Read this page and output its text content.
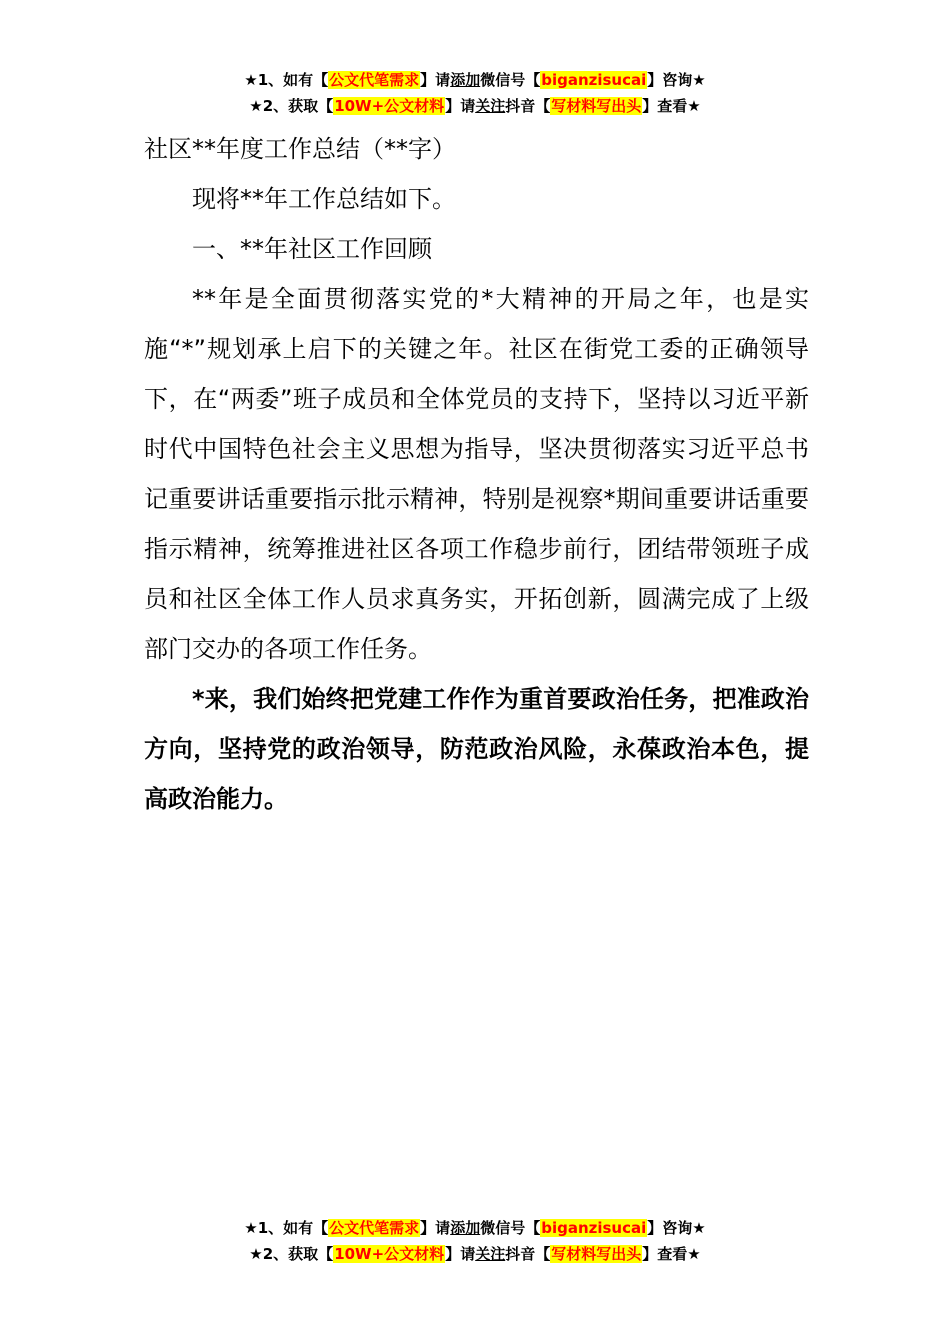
★1、如有【公文代笔需求】请添加微信号【biganzisucai】咨询★
★2、获取【10W+公文材料】请关注抖音【写材料写出头】查看★

社区**年度工作总结（**字）

现将**年工作总结如下。

一、**年社区工作回顾

**年是全面贯彻落实党的*大精神的开局之年，也是实施“*”规划承上启下的关键之年。社区在街党工委的正确领导下，在“两委”班子成员和全体党员的支持下，坚持以习近平新时代中国特色社会主义思想为指导，坚决贯彻落实习近平总书记重要讲话重要指示批示精神，特别是视察*期间重要讲话重要指示精神，统筹推进社区各项工作稳步前行，团结带领班子成员和社区全体工作人员求真务实，开拓创新，圆满完成了上级部门交办的各项工作任务。

*来，我们始终把党建工作作为重首要政治任务，把准政治方向，坚持党的政治领导，防范政治风险，永葆政治本色，提高政治能力。

★1、如有【公文代笔需求】请添加微信号【biganzisucai】咨询★
★2、获取【10W+公文材料】请关注抖音【写材料写出头】查看★
